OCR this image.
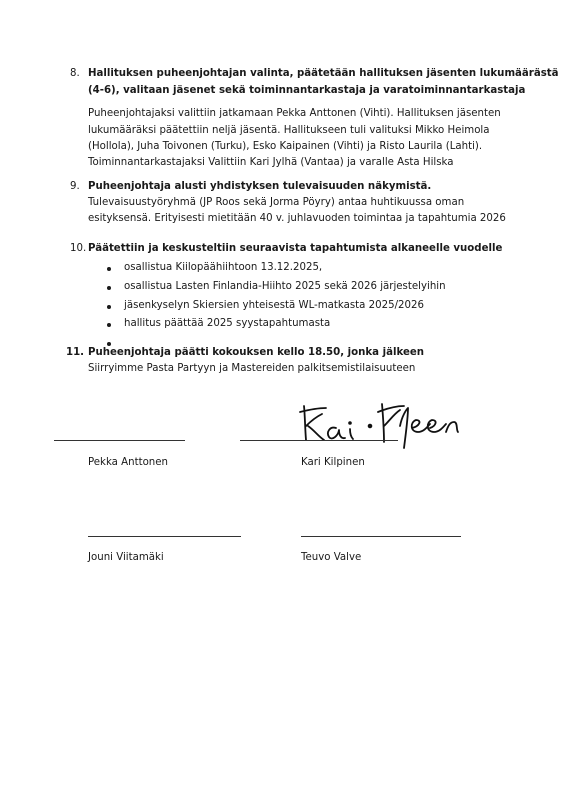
8. Hallituksen puheenjohtajan valinta, päätetään hallituksen jäsenten lukumäärästä
(4-6), valitaan jäsenet sekä toiminnantarkastaja ja varatoiminnantarkastaja
Puheenjohtajaksi valittiin jatkamaan Pekka Anttonen (Vihti). Hallituksen jäsenten
lukumääräksi päätettiin neljä jäsentä. Hallitukseen tuli valituksi Mikko Heimola
(Hollola), Juha Toivonen (Turku), Esko Kaipainen (Vihti) ja Risto Laurila (Lahti).
Toiminnantarkastajaksi Valittiin Kari Jylhä (Vantaa) ja varalle Asta Hilska
9. Puheenjohtaja alusti yhdistyksen tulevaisuuden näkymistä.
Tulevaisuustyöryhmä (JP Roos sekä Jorma Pöyry) antaa huhtikuussa oman
esityksensä. Erityisesti mietitään 40 v. juhlavuoden toimintaa ja tapahtumia 2026
10. Päätettiin ja keskusteltiin seuraavista tapahtumista alkaneelle vuodelle
osallistua Kiilopäähiihtoon 13.12.2025,
osallistua Lasten Finlandia-Hiihto 2025 sekä 2026 järjestelyihin
jäsenkyselyn Skiersien yhteisestä WL-matkasta 2025/2026
hallitus päättää 2025 syystapahtumasta
11. Puheenjohtaja päätti kokouksen kello 18.50, jonka jälkeen
Siirryimme Pasta Partyyn ja Mastereiden palkitsemistilaisuuteen
Pekka Anttonen	Kari Kilpinen
Jouni Viitamäki	Teuvo Valve
